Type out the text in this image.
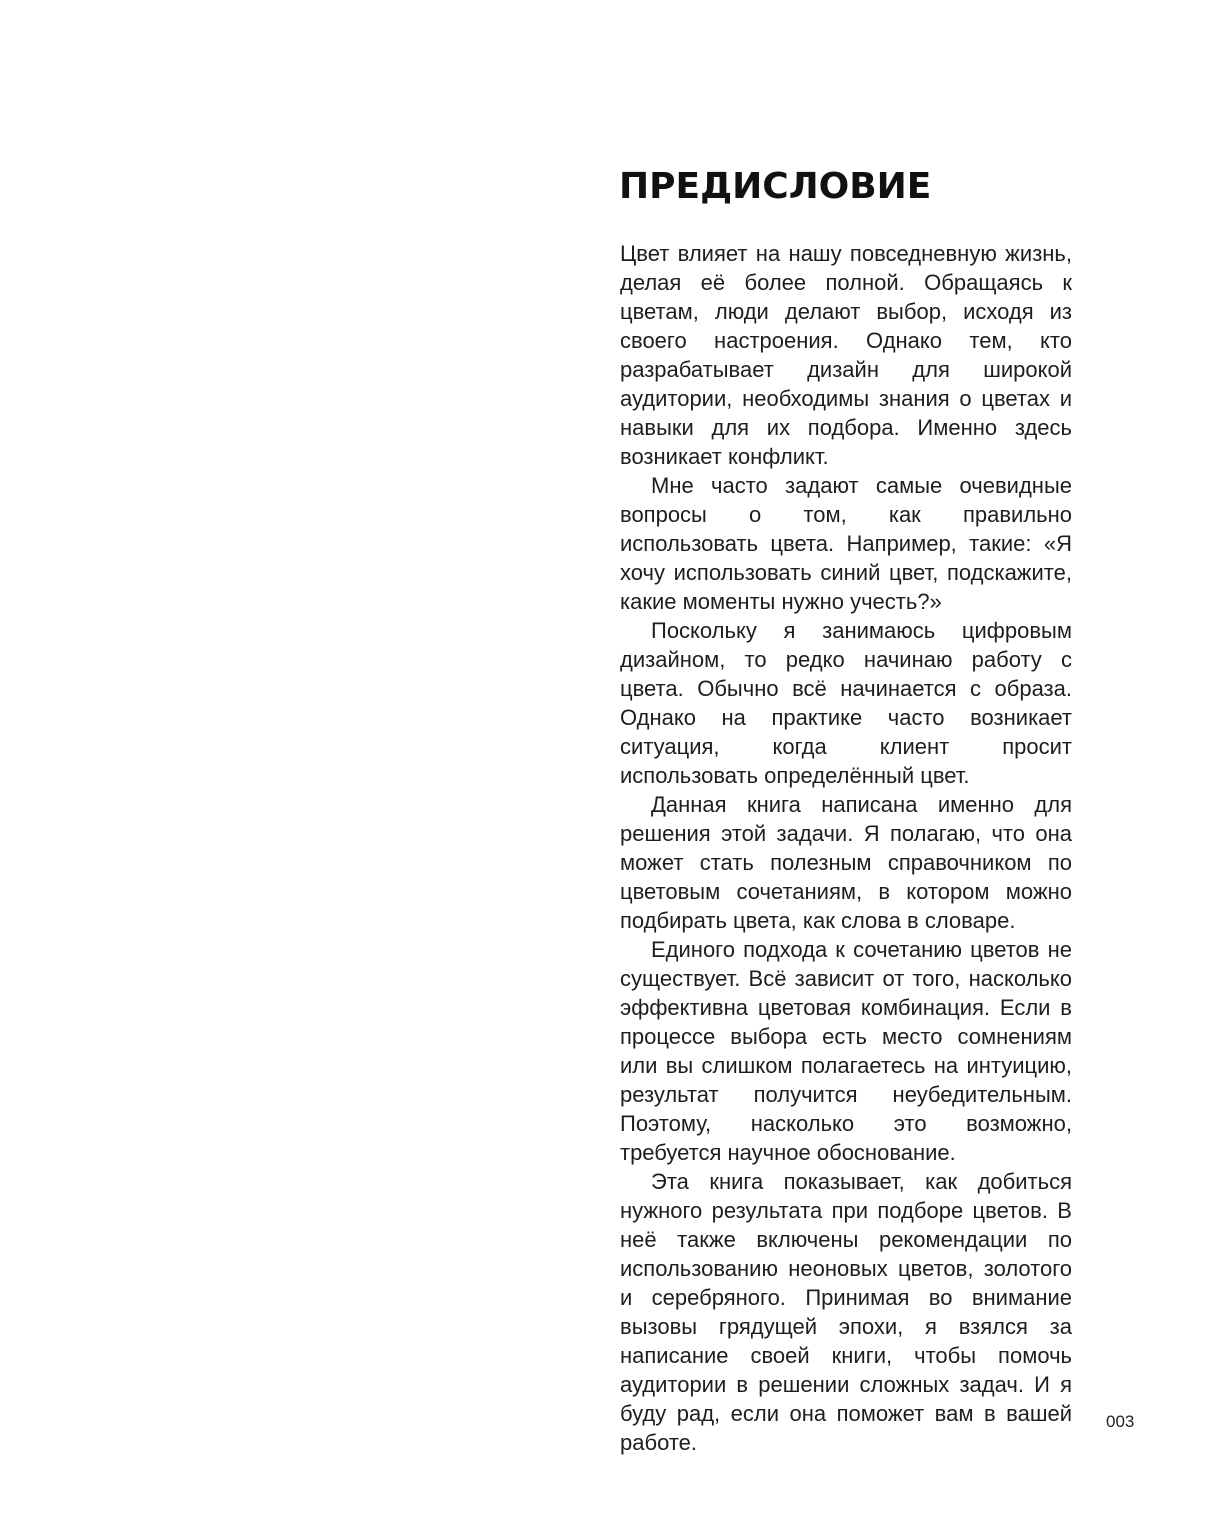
ПРЕДИСЛОВИЕ

Цвет влияет на нашу повседневную жизнь, делая её более полной. Обращаясь к цветам, люди делают выбор, исходя из своего настроения. Однако тем, кто разрабатывает дизайн для широкой аудитории, необходимы знания о цветах и навыки для их подбора. Именно здесь возникает конфликт.

Мне часто задают самые очевидные вопросы о том, как правильно использовать цвета. Например, такие: «Я хочу использовать синий цвет, подскажите, какие моменты нужно учесть?»

Поскольку я занимаюсь цифровым дизайном, то редко начинаю работу с цвета. Обычно всё начинается с образа. Однако на практике часто возникает ситуация, когда клиент просит использовать определённый цвет.

Данная книга написана именно для решения этой задачи. Я полагаю, что она может стать полезным справочником по цветовым сочетаниям, в котором можно подбирать цвета, как слова в словаре.

Единого подхода к сочетанию цветов не существует. Всё зависит от того, насколько эффективна цветовая комбинация. Если в процессе выбора есть место сомнениям или вы слишком полагаетесь на интуицию, результат получится неубедительным. Поэтому, насколько это возможно, требуется научное обоснование.

Эта книга показывает, как добиться нужного результата при подборе цветов. В неё также включены рекомендации по использованию неоновых цветов, золотого и серебряного. Принимая во внимание вызовы грядущей эпохи, я взялся за написание своей книги, чтобы помочь аудитории в решении сложных задач. И я буду рад, если она поможет вам в вашей работе.

003
